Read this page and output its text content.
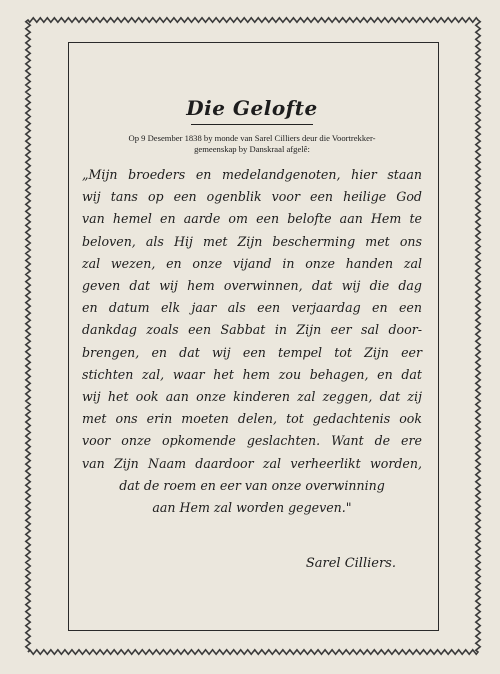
Die Gelofte

Op 9 Desember 1838 by monde van Sarel Cilliers deur die Voortrekker-
gemeenskap by Danskraal afgelê:

„Mijn broeders en medelandgenoten, hier staan
wij tans op een ogenblik voor een heilige God
van hemel en aarde om een belofte aan Hem te
beloven, als Hij met Zijn bescherming met ons
zal wezen, en onze vijand in onze handen zal
geven dat wij hem overwinnen, dat wij die dag
en datum elk jaar als een verjaardag en een
dankdag zoals een Sabbat in Zijn eer sal door-
brengen, en dat wij een tempel tot Zijn eer
stichten zal, waar het hem zou behagen, en dat
wij het ook aan onze kinderen zal zeggen, dat zij
met ons erin moeten delen, tot gedachtenis ook
voor onze opkomende geslachten. Want de ere
van Zijn Naam daardoor zal verheerlikt worden,
dat de roem en eer van onze overwinning
aan Hem zal worden gegeven."
Sarel Cilliers.
